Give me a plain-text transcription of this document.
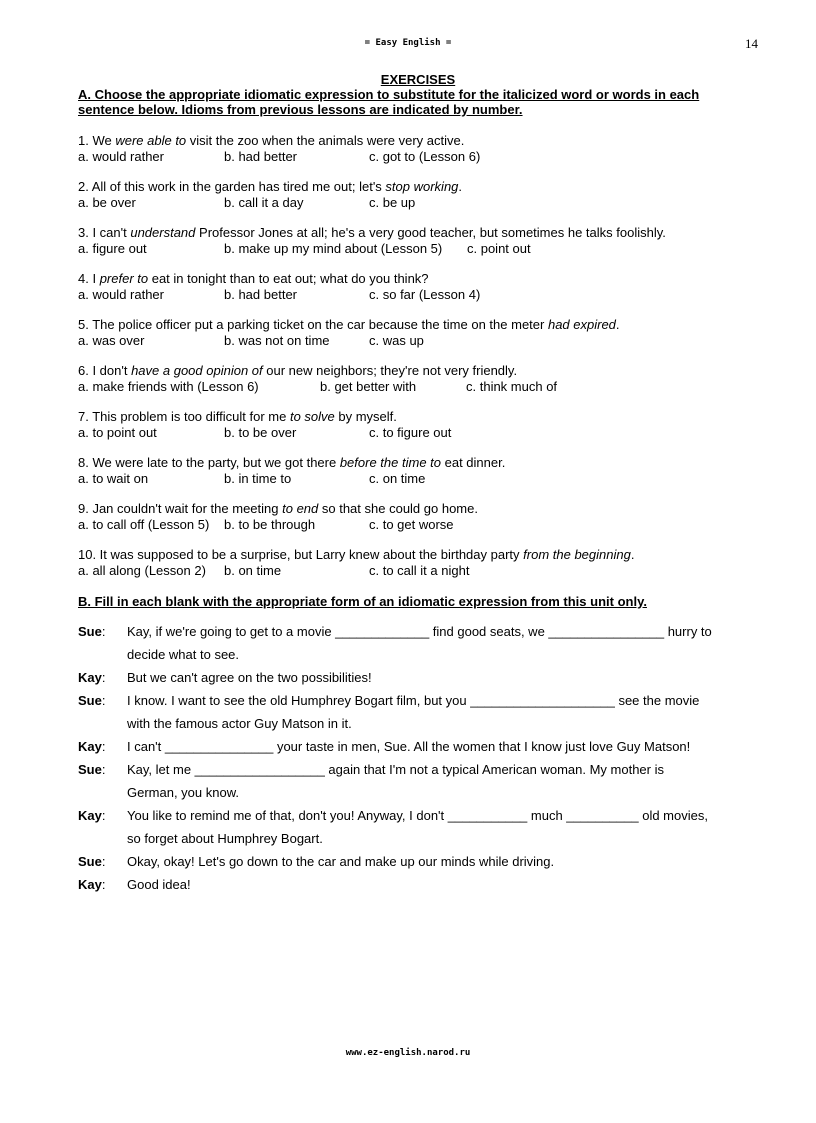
= Easy English =	14
EXERCISES
A. Choose the appropriate idiomatic expression to substitute for the italicized word or words in each sentence below. Idioms from previous lessons are indicated by number.
1. We were able to visit the zoo when the animals were very active.
a. would rather	b. had better	c. got to (Lesson 6)
2. All of this work in the garden has tired me out; let's stop working.
a. be over	b. call it a day	c. be up
3. I can't understand Professor Jones at all; he's a very good teacher, but sometimes he talks foolishly.
a. figure out	b. make up my mind about (Lesson 5) c. point out
4. I prefer to eat in tonight than to eat out; what do you think?
a. would rather	b. had better	c. so far (Lesson 4)
5. The police officer put a parking ticket on the car because the time on the meter had expired.
a. was over	b. was not on time	c. was up
6. I don't have a good opinion of our new neighbors; they're not very friendly.
a. make friends with (Lesson 6)	b. get better with	c. think much of
7. This problem is too difficult for me to solve by myself.
a. to point out	b. to be over	c. to figure out
8. We were late to the party, but we got there before the time to eat dinner.
a. to wait on	b. in time to	c. on time
9. Jan couldn't wait for the meeting to end so that she could go home.
a. to call off (Lesson 5) b. to be through	c. to get worse
10. It was supposed to be a surprise, but Larry knew about the birthday party from the beginning.
a. all along (Lesson 2) b. on time	c. to call it a night
B. Fill in each blank with the appropriate form of an idiomatic expression from this unit only.
Sue: Kay, if we're going to get to a movie _____________ find good seats, we ________________ hurry to
decide what to see.
Kay: But we can't agree on the two possibilities!
Sue: I know. I want to see the old Humphrey Bogart film, but you ____________________ see the movie
with the famous actor Guy Matson in it.
Kay: I can't _______________ your taste in men, Sue. All the women that I know just love Guy Matson!
Sue: Kay, let me __________________ again that I'm not a typical American woman. My mother is
German, you know.
Kay: You like to remind me of that, don't you! Anyway, I don't ___________ much __________ old movies,
so forget about Humphrey Bogart.
Sue: Okay, okay! Let's go down to the car and make up our minds while driving.
Kay: Good idea!
www.ez-english.narod.ru
